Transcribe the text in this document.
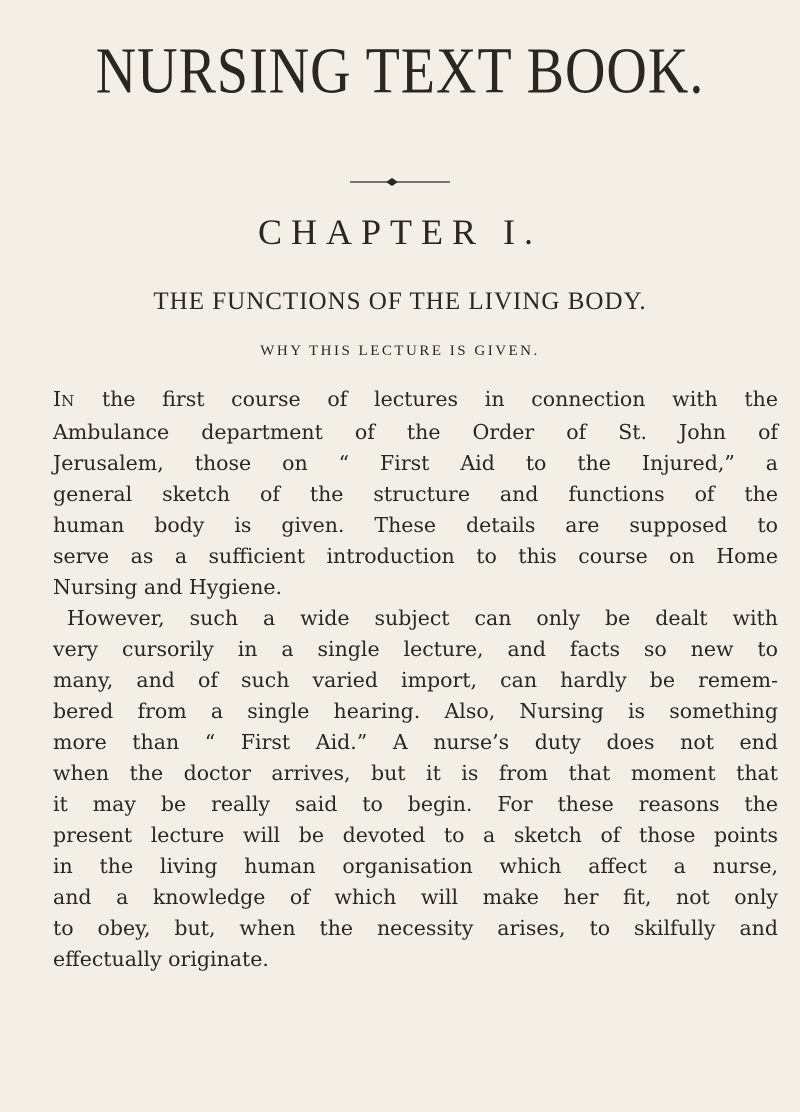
NURSING TEXT BOOK.
CHAPTER I.
THE FUNCTIONS OF THE LIVING BODY.
WHY THIS LECTURE IS GIVEN.
IN the first course of lectures in connection with the
Ambulance department of the Order of St. John of
Jerusalem, those on “ First Aid to the Injured,” a
general sketch of the structure and functions of the
human body is given. These details are supposed to
serve as a sufficient introduction to this course on Home
Nursing and Hygiene.
However, such a wide subject can only be dealt with
very cursorily in a single lecture, and facts so new to
many, and of such varied import, can hardly be remem-
bered from a single hearing. Also, Nursing is something
more than “ First Aid.” A nurse’s duty does not end
when the doctor arrives, but it is from that moment that
it may be really said to begin. For these reasons the
present lecture will be devoted to a sketch of those points
in the living human organisation which affect a nurse,
and a knowledge of which will make her fit, not only
to obey, but, when the necessity arises, to skilfully and
effectually originate.
